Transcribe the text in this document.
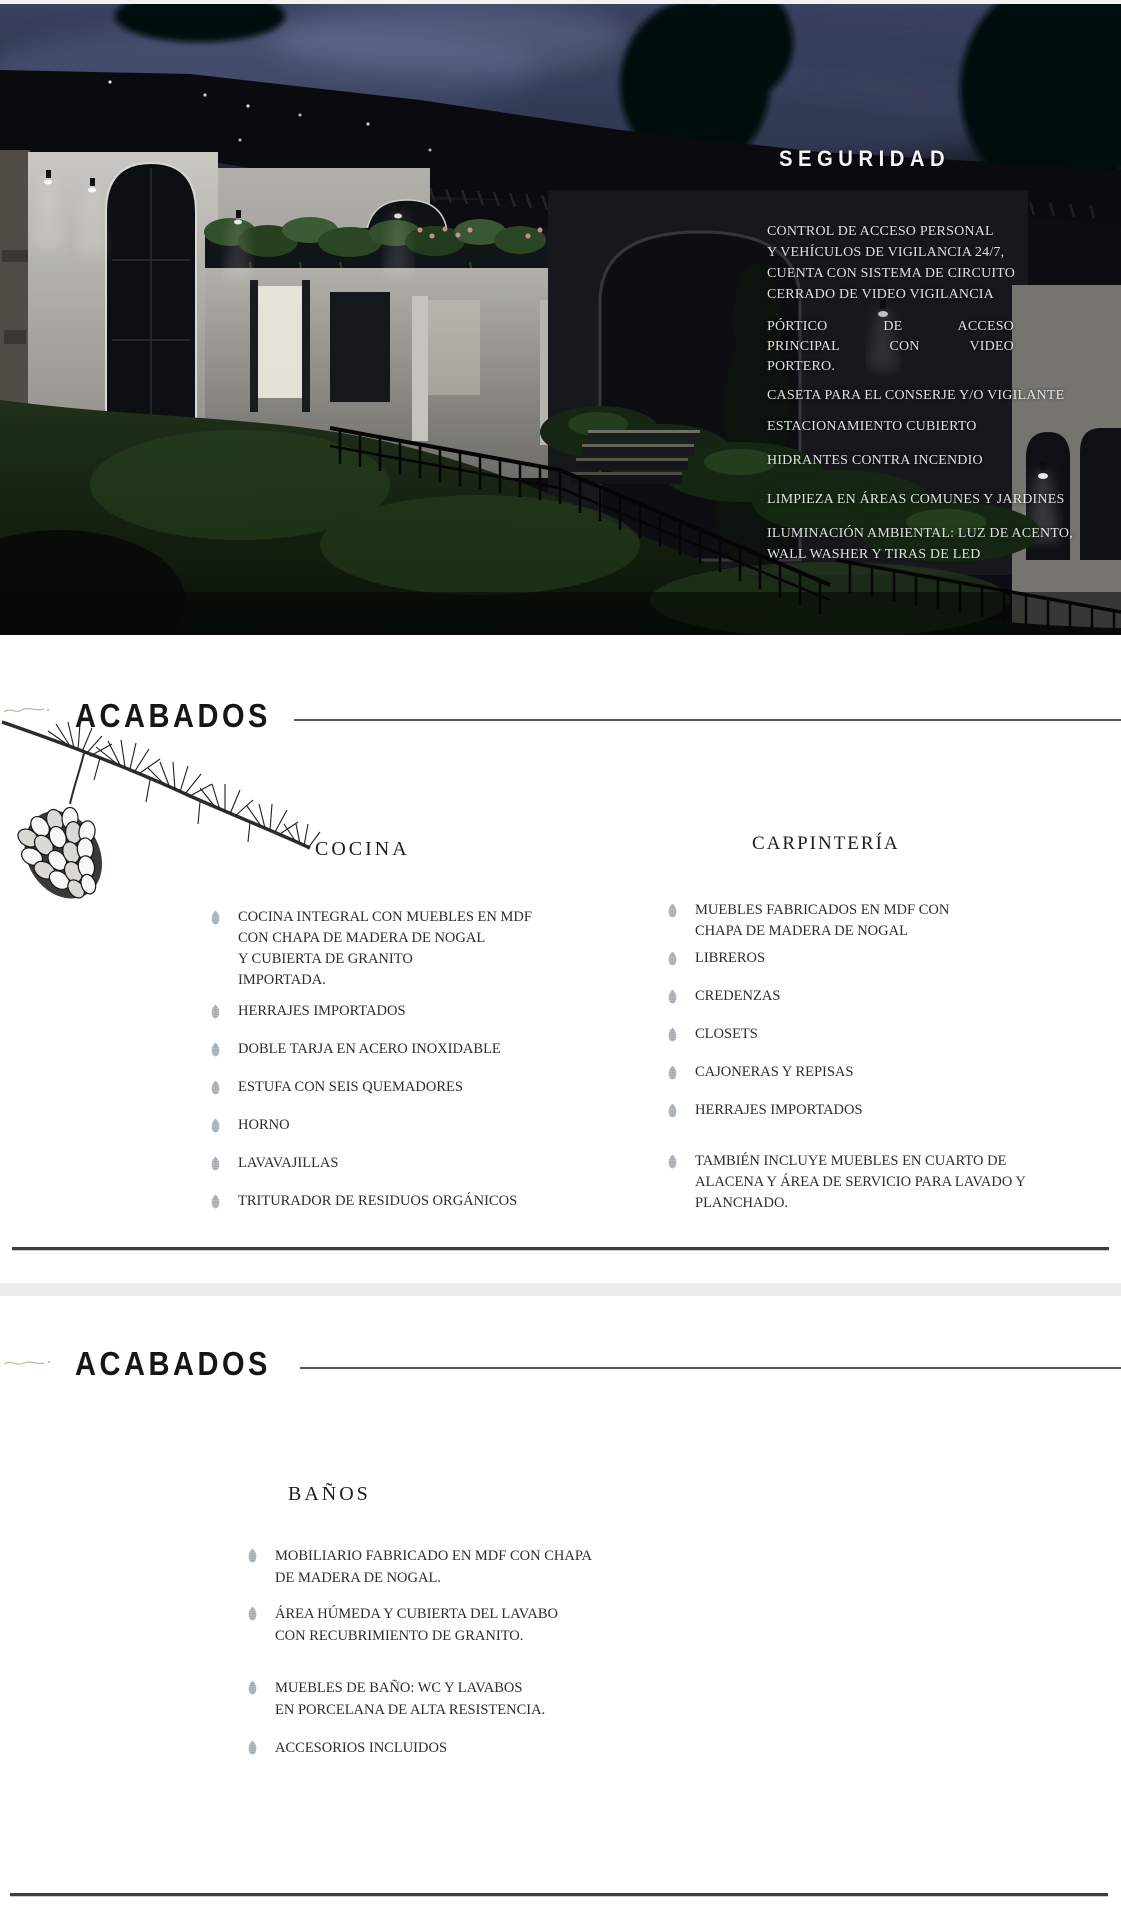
SEGURIDAD
CONTROL DE ACCESO PERSONAL
Y VEHÍCULOS DE VIGILANCIA 24/7,
CUENTA CON SISTEMA DE CIRCUITO
CERRADO DE VIDEO VIGILANCIA
PÓRTICO DE ACCESO
PRINCIPAL CON VIDEO
PORTERO.
CASETA PARA EL CONSERJE Y/O VIGILANTE
ESTACIONAMIENTO CUBIERTO
HIDRANTES CONTRA INCENDIO
LIMPIEZA EN ÁREAS COMUNES Y JARDINES
ILUMINACIÓN AMBIENTAL: LUZ DE ACENTO,
WALL WASHER Y TIRAS DE LED
ACABADOS
COCINA	CARPINTERÍA
COCINA INTEGRAL CON MUEBLES EN MDF
CON CHAPA DE MADERA DE NOGAL
Y CUBIERTA DE GRANITO
IMPORTADA.
HERRAJES IMPORTADOS
DOBLE TARJA EN ACERO INOXIDABLE
ESTUFA CON SEIS QUEMADORES
HORNO
LAVAVAJILLAS
TRITURADOR DE RESIDUOS ORGÁNICOS
MUEBLES FABRICADOS EN MDF CON
CHAPA DE MADERA DE NOGAL
LIBREROS
CREDENZAS
CLOSETS
CAJONERAS Y REPISAS
HERRAJES IMPORTADOS
TAMBIÉN INCLUYE MUEBLES EN CUARTO DE
ALACENA Y ÁREA DE SERVICIO PARA LAVADO Y
PLANCHADO.
ACABADOS
BAÑOS
MOBILIARIO FABRICADO EN MDF CON CHAPA
DE MADERA DE NOGAL.
ÁREA HÚMEDA Y CUBIERTA DEL LAVABO
CON RECUBRIMIENTO DE GRANITO.
MUEBLES DE BAÑO: WC Y LAVABOS
EN PORCELANA DE ALTA RESISTENCIA.
ACCESORIOS INCLUIDOS
